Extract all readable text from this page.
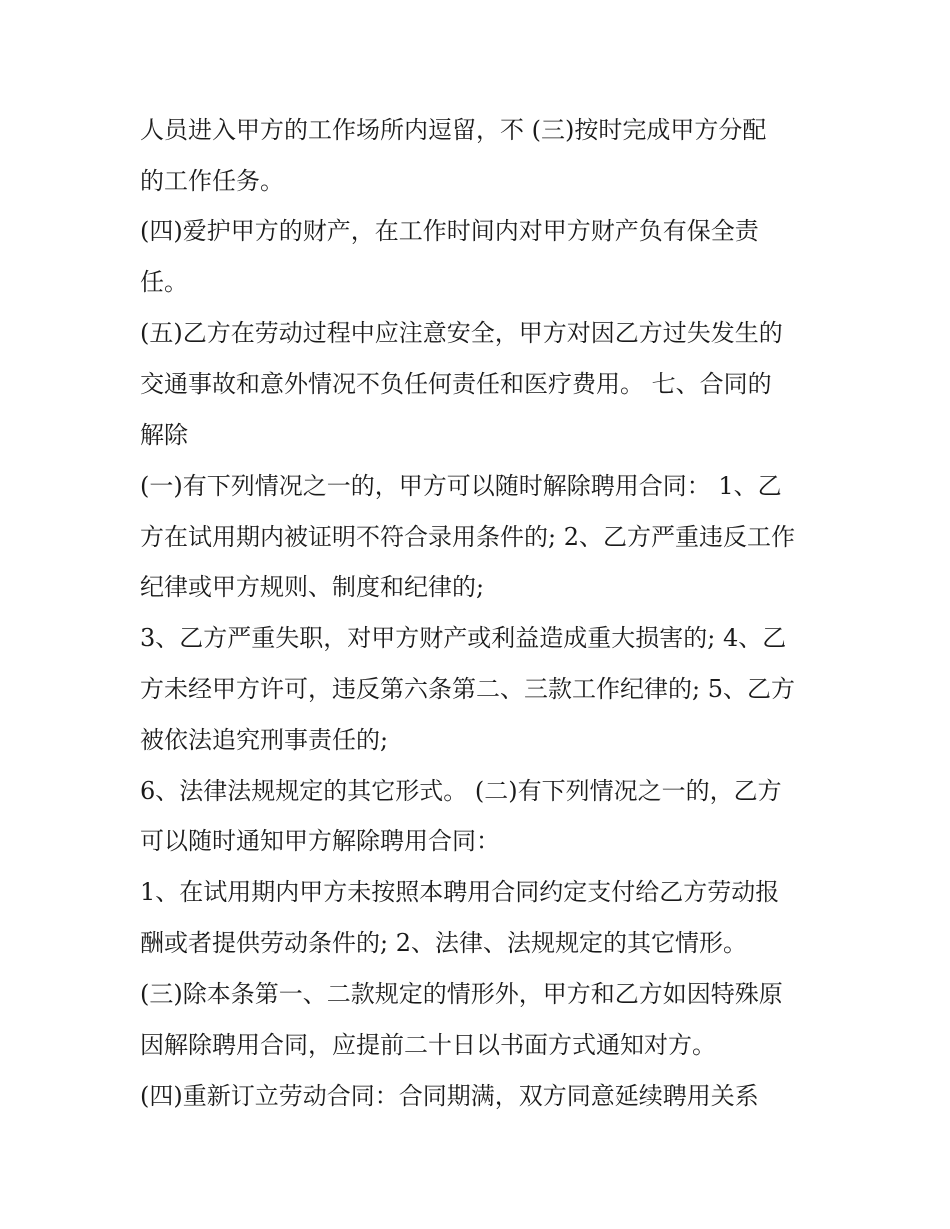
人员进入甲方的工作场所内逗留，不 (三)按时完成甲方分配
的工作任务。
(四)爱护甲方的财产，在工作时间内对甲方财产负有保全责
任。
(五)乙方在劳动过程中应注意安全，甲方对因乙方过失发生的
交通事故和意外情况不负任何责任和医疗费用。 七、合同的
解除
(一)有下列情况之一的，甲方可以随时解除聘用合同： 1、乙
方在试用期内被证明不符合录用条件的; 2、乙方严重违反工作
纪律或甲方规则、制度和纪律的;
3、乙方严重失职，对甲方财产或利益造成重大损害的; 4、乙
方未经甲方许可，违反第六条第二、三款工作纪律的; 5、乙方
被依法追究刑事责任的;
6、法律法规规定的其它形式。 (二)有下列情况之一的，乙方
可以随时通知甲方解除聘用合同：
1、在试用期内甲方未按照本聘用合同约定支付给乙方劳动报
酬或者提供劳动条件的; 2、法律、法规规定的其它情形。
(三)除本条第一、二款规定的情形外，甲方和乙方如因特殊原
因解除聘用合同，应提前二十日以书面方式通知对方。
(四)重新订立劳动合同：合同期满，双方同意延续聘用关系
